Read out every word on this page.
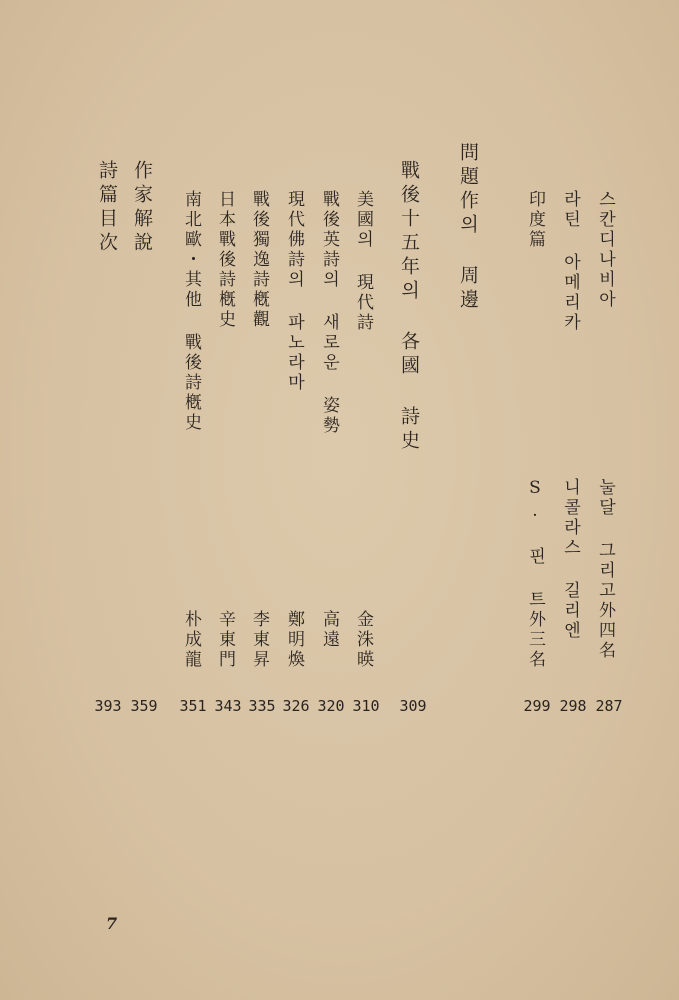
스칸디나비아
눌달 그리고外四名
287
라틴 아메리카
니콜라스 길리엔
298
印度篇
S. 핀 트外三名
299
問題作의 周邊
309
戰後十五年의 各國 詩史
美國의 現代詩
金洙暎
310
戰後英詩의 새로운 姿勢
高遠
320
現代佛詩의 파노라마
鄭明煥
326
戰後獨逸詩槪觀
李東昇
335
日本戰後詩槪史
辛東門
343
南北歐・其他 戰後詩槪史
朴成龍
351
作家解說
359
詩篇目次
393
7
